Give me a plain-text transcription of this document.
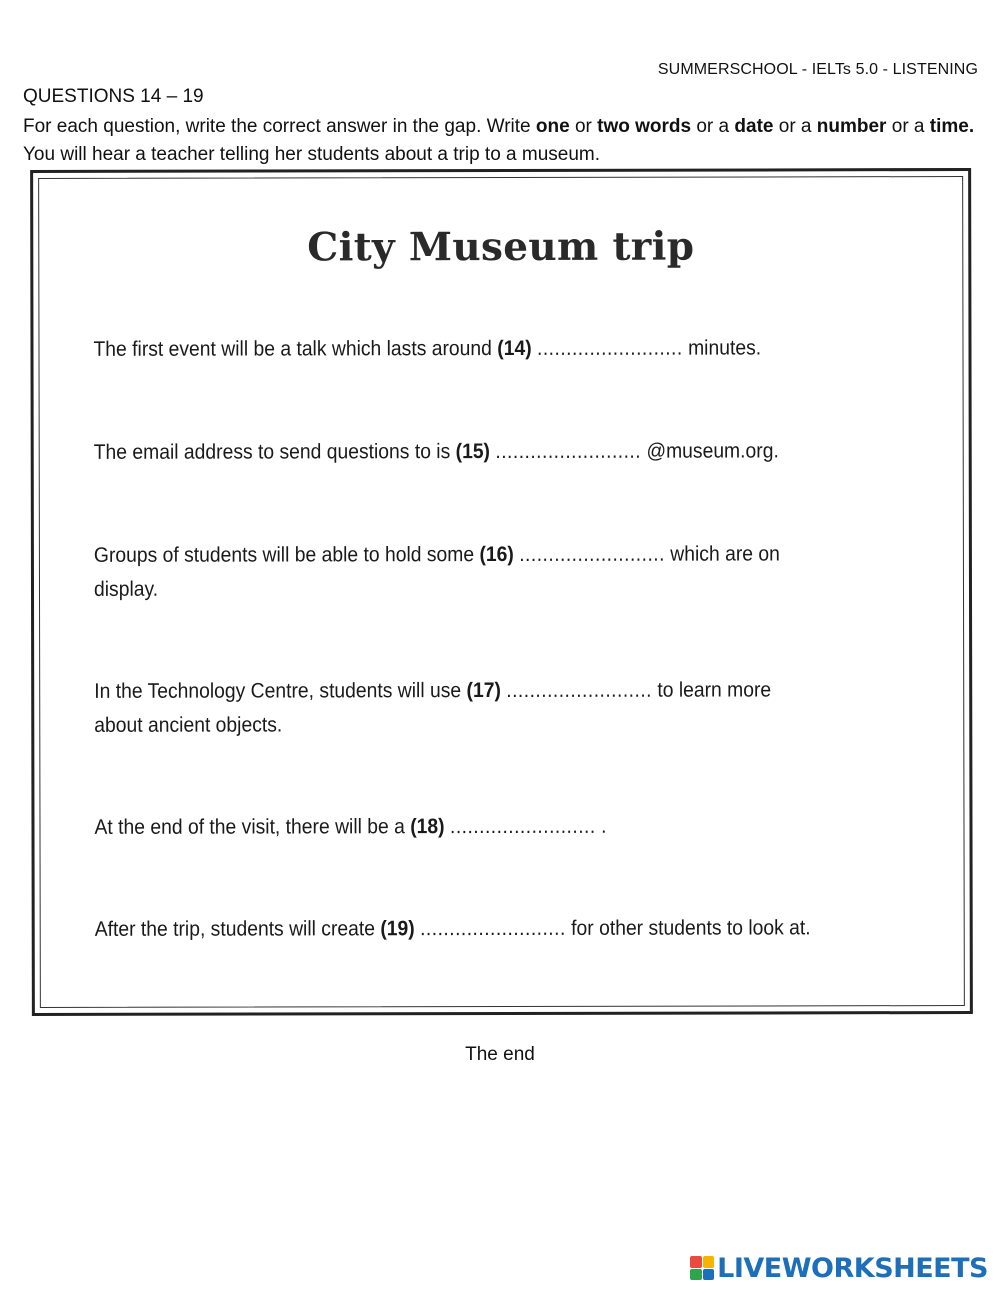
SUMMERSCHOOL - IELTs 5.0 - LISTENING
QUESTIONS 14 – 19
For each question, write the correct answer in the gap. Write one or two words or a date or a number or a time. You will hear a teacher telling her students about a trip to a museum.
City Museum trip
The first event will be a talk which lasts around (14) ......................... minutes.
The email address to send questions to is (15) ......................... @museum.org.
Groups of students will be able to hold some (16) ......................... which are on display.
In the Technology Centre, students will use (17) ......................... to learn more about ancient objects.
At the end of the visit, there will be a (18) ......................... .
After the trip, students will create (19) ......................... for other students to look at.
The end
LIVEWORKSHEETS
